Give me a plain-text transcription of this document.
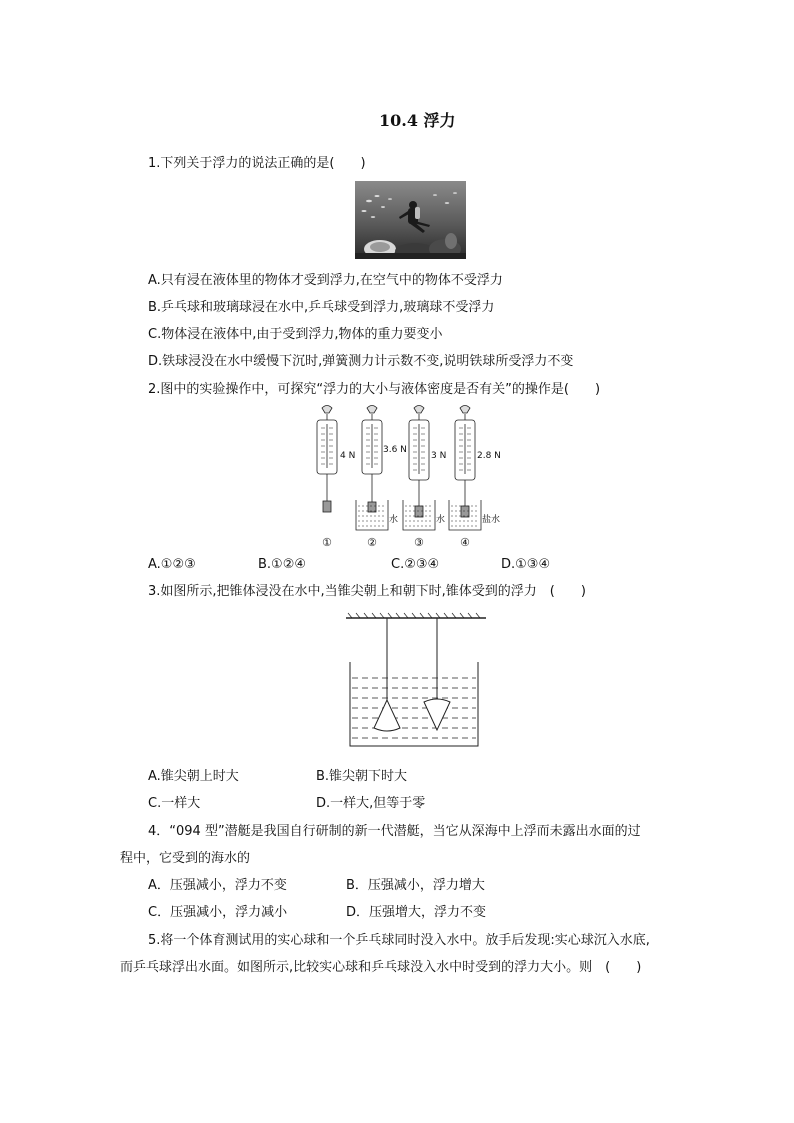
10.4 浮力
1.下列关于浮力的说法正确的是(　　)
A.只有浸在液体里的物体才受到浮力,在空气中的物体不受浮力
B.乒乓球和玻璃球浸在水中,乒乓球受到浮力,玻璃球不受浮力
C.物体浸在液体中,由于受到浮力,物体的重力要变小
D.铁球浸没在水中缓慢下沉时,弹簧测力计示数不变,说明铁球所受浮力不变
2.图中的实验操作中，可探究“浮力的大小与液体密度是否有关”的操作是(　　)
4 N
3.6 N
3 N	2.8 N
水	水	盐水
①	②	③	④
A.①②③	B.①②④	C.②③④	D.①③④
3.如图所示,把锥体浸没在水中,当锥尖朝上和朝下时,锥体受到的浮力　(　　)
A.锥尖朝上时大	B.锥尖朝下时大
C.一样大	D.一样大,但等于零
4．“094 型”潜艇是我国自行研制的新一代潜艇，当它从深海中上浮而未露出水面的过
程中，它受到的海水的
A．压强减小，浮力不变	B．压强减小，浮力增大
C．压强减小，浮力减小	D．压强增大，浮力不变
5.将一个体育测试用的实心球和一个乒乓球同时没入水中。放手后发现:实心球沉入水底,
而乒乓球浮出水面。如图所示,比较实心球和乒乓球没入水中时受到的浮力大小。则　(　　)
